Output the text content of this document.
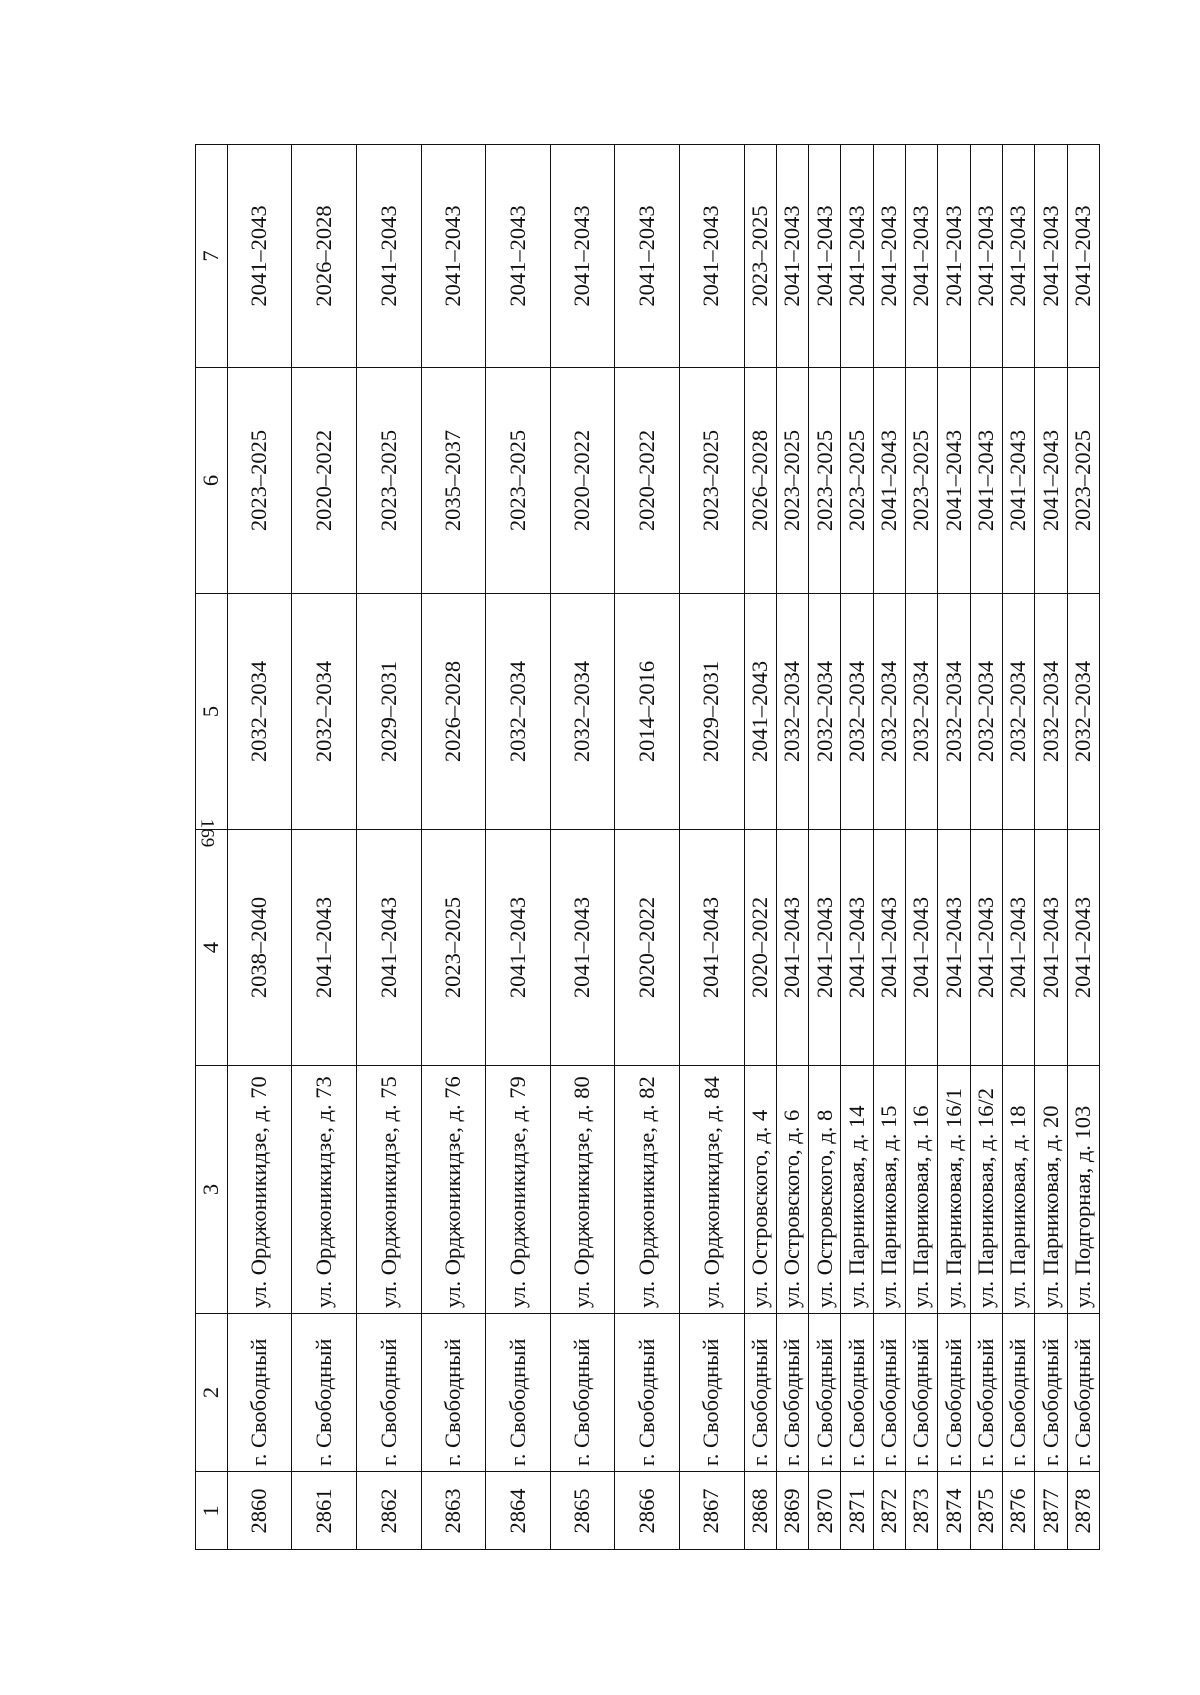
169
1	2	3	4	5	6	7
2860	г. Свободный	ул. Орджоникидзе, д. 70	2038–2040	2032–2034	2023–2025	2041–2043
2861	г. Свободный	ул. Орджоникидзе, д. 73	2041–2043	2032–2034	2020–2022	2026–2028
2862	г. Свободный	ул. Орджоникидзе, д. 75	2041–2043	2029–2031	2023–2025	2041–2043
2863	г. Свободный	ул. Орджоникидзе, д. 76	2023–2025	2026–2028	2035–2037	2041–2043
2864	г. Свободный	ул. Орджоникидзе, д. 79	2041–2043	2032–2034	2023–2025	2041–2043
2865	г. Свободный	ул. Орджоникидзе, д. 80	2041–2043	2032–2034	2020–2022	2041–2043
2866	г. Свободный	ул. Орджоникидзе, д. 82	2020–2022	2014–2016	2020–2022	2041–2043
2867	г. Свободный	ул. Орджоникидзе, д. 84	2041–2043	2029–2031	2023–2025	2041–2043
2868	г. Свободный	ул. Островского, д. 4	2020–2022	2041–2043	2026–2028	2023–2025
2869	г. Свободный	ул. Островского, д. 6	2041–2043	2032–2034	2023–2025	2041–2043
2870	г. Свободный	ул. Островского, д. 8	2041–2043	2032–2034	2023–2025	2041–2043
2871	г. Свободный	ул. Парниковая, д. 14	2041–2043	2032–2034	2023–2025	2041–2043
2872	г. Свободный	ул. Парниковая, д. 15	2041–2043	2032–2034	2041–2043	2041–2043
2873	г. Свободный	ул. Парниковая, д. 16	2041–2043	2032–2034	2023–2025	2041–2043
2874	г. Свободный	ул. Парниковая, д. 16/1	2041–2043	2032–2034	2041–2043	2041–2043
2875	г. Свободный	ул. Парниковая, д. 16/2	2041–2043	2032–2034	2041–2043	2041–2043
2876	г. Свободный	ул. Парниковая, д. 18	2041–2043	2032–2034	2041–2043	2041–2043
2877	г. Свободный	ул. Парниковая, д. 20	2041–2043	2032–2034	2041–2043	2041–2043
2878	г. Свободный	ул. Подгорная, д. 103	2041–2043	2032–2034	2023–2025	2041–2043
